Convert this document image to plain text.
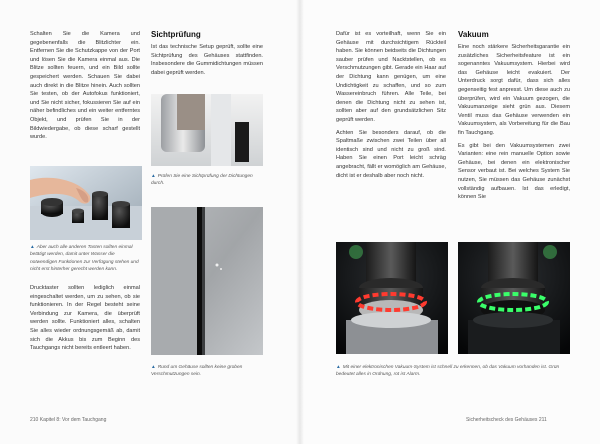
Schalten Sie die Kamera und gegebenenfalls die Blitzlichter ein. Entfernen Sie die Schutzkappe von der Port und lösen Sie die Kamera einmal aus. Die Blitze sollten feuern, und ein Bild sollte gespeichert werden. Schauen Sie dabei auch direkt in die Blitze hinein. Auch sollten Sie testen, ob der Autofokus funktioniert, und Sie nicht sicher, fokussieren Sie auf ein näher befindliches und ein weiter entferntes Objekt, und prüfen Sie in der Bildwiedergabe, ob diese scharf gestellt wurde.

▲ Aber auch alle anderen Tasten sollten einmal betätigt werden, damit unter Wasser die notwendigen Funktionen zur Verfügung stehen und nicht erst hinterher gerecht werden kann.

Drucktaster sollten lediglich einmal eingeschaltet werden, um zu sehen, ob sie funktionieren. In der Regel besteht seine Verbindung zur Kamera, die überprüft werden sollte. Funktioniert alles, schalten Sie alles wieder ordnungsgemäß ab, damit sich die Akkus bis zum Beginn des Tauchgangs nicht bereits entleert haben.

Sichtprüfung

Ist das technische Setup geprüft, sollte eine Sichtprüfung des Gehäuses stattfinden. Insbesondere die Gummidichtungen müssen dabei geprüft werden.

▲ Prüfen Sie eine Sichtprüfung der Dichtungen durch.
▲ Rund um Gehäuse sollten keine groben Verschmutzungen sein.
210 Kapitel 8: Vor dem Tauchgang

Dafür ist es vorteilhaft, wenn Sie ein Gehäuse mit durchsichtigem Rückteil haben. Sie können beidseits die Dichtungen sauber prüfen und Nacktstellen, ob es Verschmutzungen gibt. Gerade ein Haar auf der Dichtung kann genügen, um eine Undichtigkeit zu schaffen, und so zum Wassereinbruch führen. Alle Teile, bei denen die Dichtung nicht zu sehen ist, sollten aber auf den grundsätzlichen Sitz geprüft werden.

Achten Sie besonders darauf, ob die Spaltmaße zwischen zwei Teilen über all identisch sind und nicht zu groß sind. Haben Sie einen Port leicht schräg angebracht, fällt er womöglich am Gehäuse, dicht ist er deshalb aber noch nicht.

Vakuum

Eine noch stärkere Sicherheitsgarantie ein zusätzliches Sicherheitsfeature ist ein sogenanntes Vakuumsystem. Hierbei wird das Gehäuse leicht evakuiert. Der Unterdruck sorgt dafür, dass sich alles gegenseitig fest anpresst. Um diese auch zu überprüfen, wird ein Vakuum gezogen, die Vakuumanzeige sieht grün aus. Diesem Ventil muss das Gehäuse verwenden ein Vakuumsystem, als Vorbereitung für die Bau fin Tauchgang.

Es gibt bei den Vakuumsystemen zwei Varianten: eine rein manuelle Option sowie Gehäuse, bei denen ein elektronischer Sensor verbaut ist. Bei welches System Sie nutzen, Sie müssen das Gehäuse zunächst vollständig aufbauen. Ist das erledigt, können Sie

▲ Mit einer elektronischen Vakuum-System ist schnell zu erkennen, ob das Vakuum vorhanden ist. Grün bedeutet alles in Ordnung, rot ist Alarm.
Sicherheitscheck des Gehäuses 211
